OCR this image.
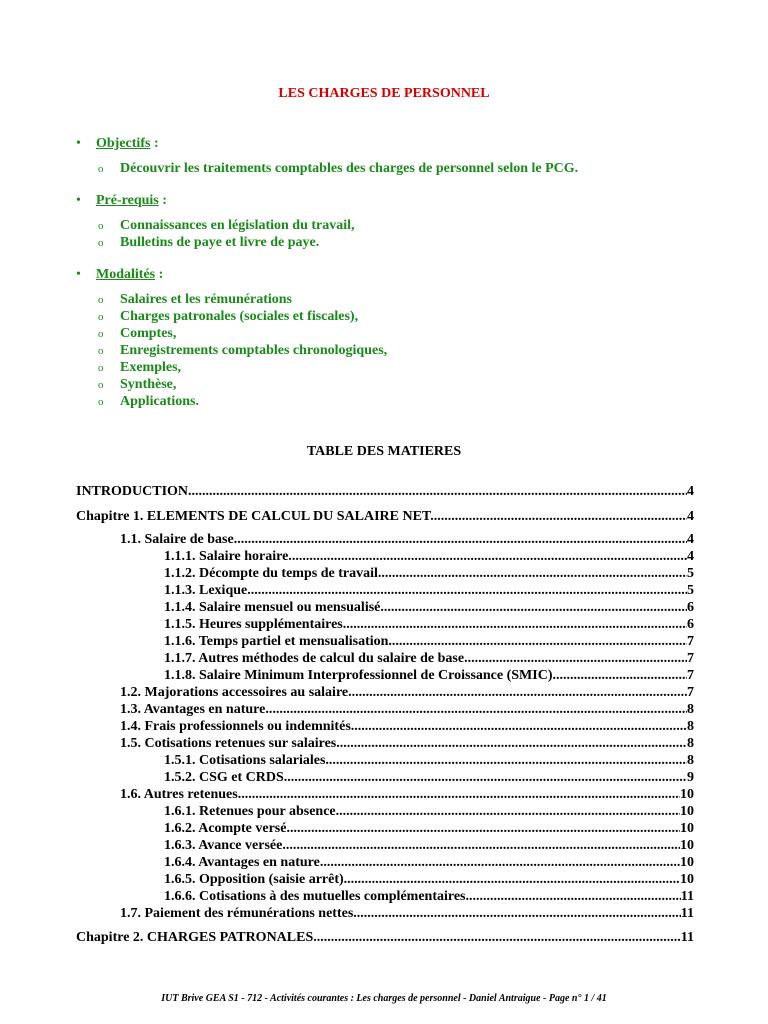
LES CHARGES DE PERSONNEL
• Objectifs :
o Découvrir les traitements comptables des charges de personnel selon le PCG.
• Pré-requis :
o Connaissances en législation du travail,
o Bulletins de paye et livre de paye.
• Modalités :
o Salaires et les rémunérations
o Charges patronales (sociales et fiscales),
o Comptes,
o Enregistrements comptables chronologiques,
o Exemples,
o Synthèse,
o Applications.
TABLE DES MATIERES
INTRODUCTION. .....	4
Chapitre 1. ELEMENTS DE CALCUL DU SALAIRE NET. .....	4
1.1. Salaire de base. .....	4
1.1.1. Salaire horaire. .....	4
1.1.2. Décompte du temps de travail. .....	5
1.1.3. Lexique. .....	5
1.1.4. Salaire mensuel ou mensualisé. .....	6
1.1.5. Heures supplémentaires. .....	6
1.1.6. Temps partiel et mensualisation. .....	7
1.1.7. Autres méthodes de calcul du salaire de base. .....	7
1.1.8. Salaire Minimum Interprofessionnel de Croissance (SMIC) .....	7
1.2. Majorations accessoires au salaire. .....	7
1.3. Avantages en nature. .....	8
1.4. Frais professionnels ou indemnités. .....	8
1.5. Cotisations retenues sur salaires. .....	8
1.5.1. Cotisations salariales. .....	8
1.5.2. CSG et CRDS. .....	9
1.6. Autres retenues. .....	10
1.6.1. Retenues pour absence. .....	10
1.6.2. Acompte versé. .....	10
1.6.3. Avance versée. .....	10
1.6.4. Avantages en nature. .....	10
1.6.5. Opposition (saisie arrêt). .....	10
1.6.6. Cotisations à des mutuelles complémentaires. .....	11
1.7. Paiement des rémunérations nettes. .....	11
Chapitre 2. CHARGES PATRONALES. .....	11
IUT Brive GEA S1 - 712 - Activités courantes : Les charges de personnel - Daniel Antraigue - Page n° 1 / 41
